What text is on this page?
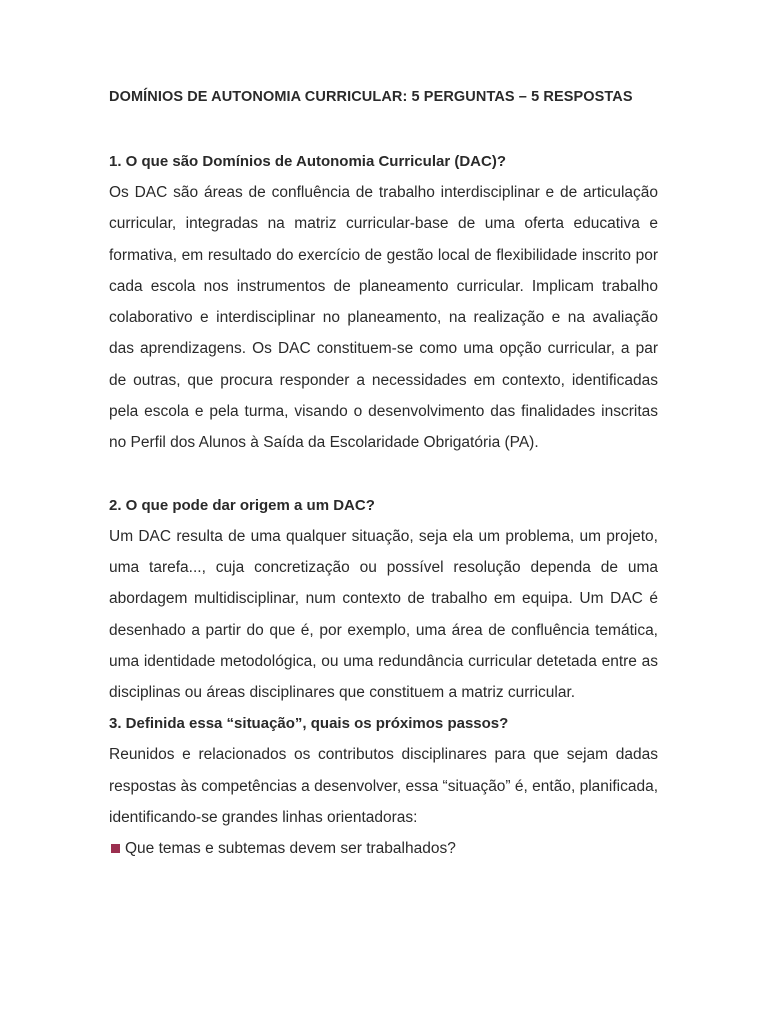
DOMÍNIOS DE AUTONOMIA CURRICULAR: 5 PERGUNTAS – 5 RESPOSTAS
1. O que são Domínios de Autonomia Curricular (DAC)?

Os DAC são áreas de confluência de trabalho interdisciplinar e de articulação curricular, integradas na matriz curricular-base de uma oferta educativa e formativa, em resultado do exercício de gestão local de flexibilidade inscrito por cada escola nos instrumentos de planeamento curricular. Implicam trabalho colaborativo e interdisciplinar no planeamento, na realização e na avaliação das aprendizagens. Os DAC constituem-se como uma opção curricular, a par de outras, que procura responder a necessidades em contexto, identificadas pela escola e pela turma, visando o desenvolvimento das finalidades inscritas no Perfil dos Alunos à Saída da Escolaridade Obrigatória (PA).

2. O que pode dar origem a um DAC?

Um DAC resulta de uma qualquer situação, seja ela um problema, um projeto, uma tarefa..., cuja concretização ou possível resolução dependa de uma abordagem multidisciplinar, num contexto de trabalho em equipa. Um DAC é desenhado a partir do que é, por exemplo, uma área de confluência temática, uma identidade metodológica, ou uma redundância curricular detetada entre as disciplinas ou áreas disciplinares que constituem a matriz curricular.

3. Definida essa “situação”, quais os próximos passos?

Reunidos e relacionados os contributos disciplinares para que sejam dadas respostas às competências a desenvolver, essa “situação” é, então, planificada, identificando-se grandes linhas orientadoras:

Que temas e subtemas devem ser trabalhados?
